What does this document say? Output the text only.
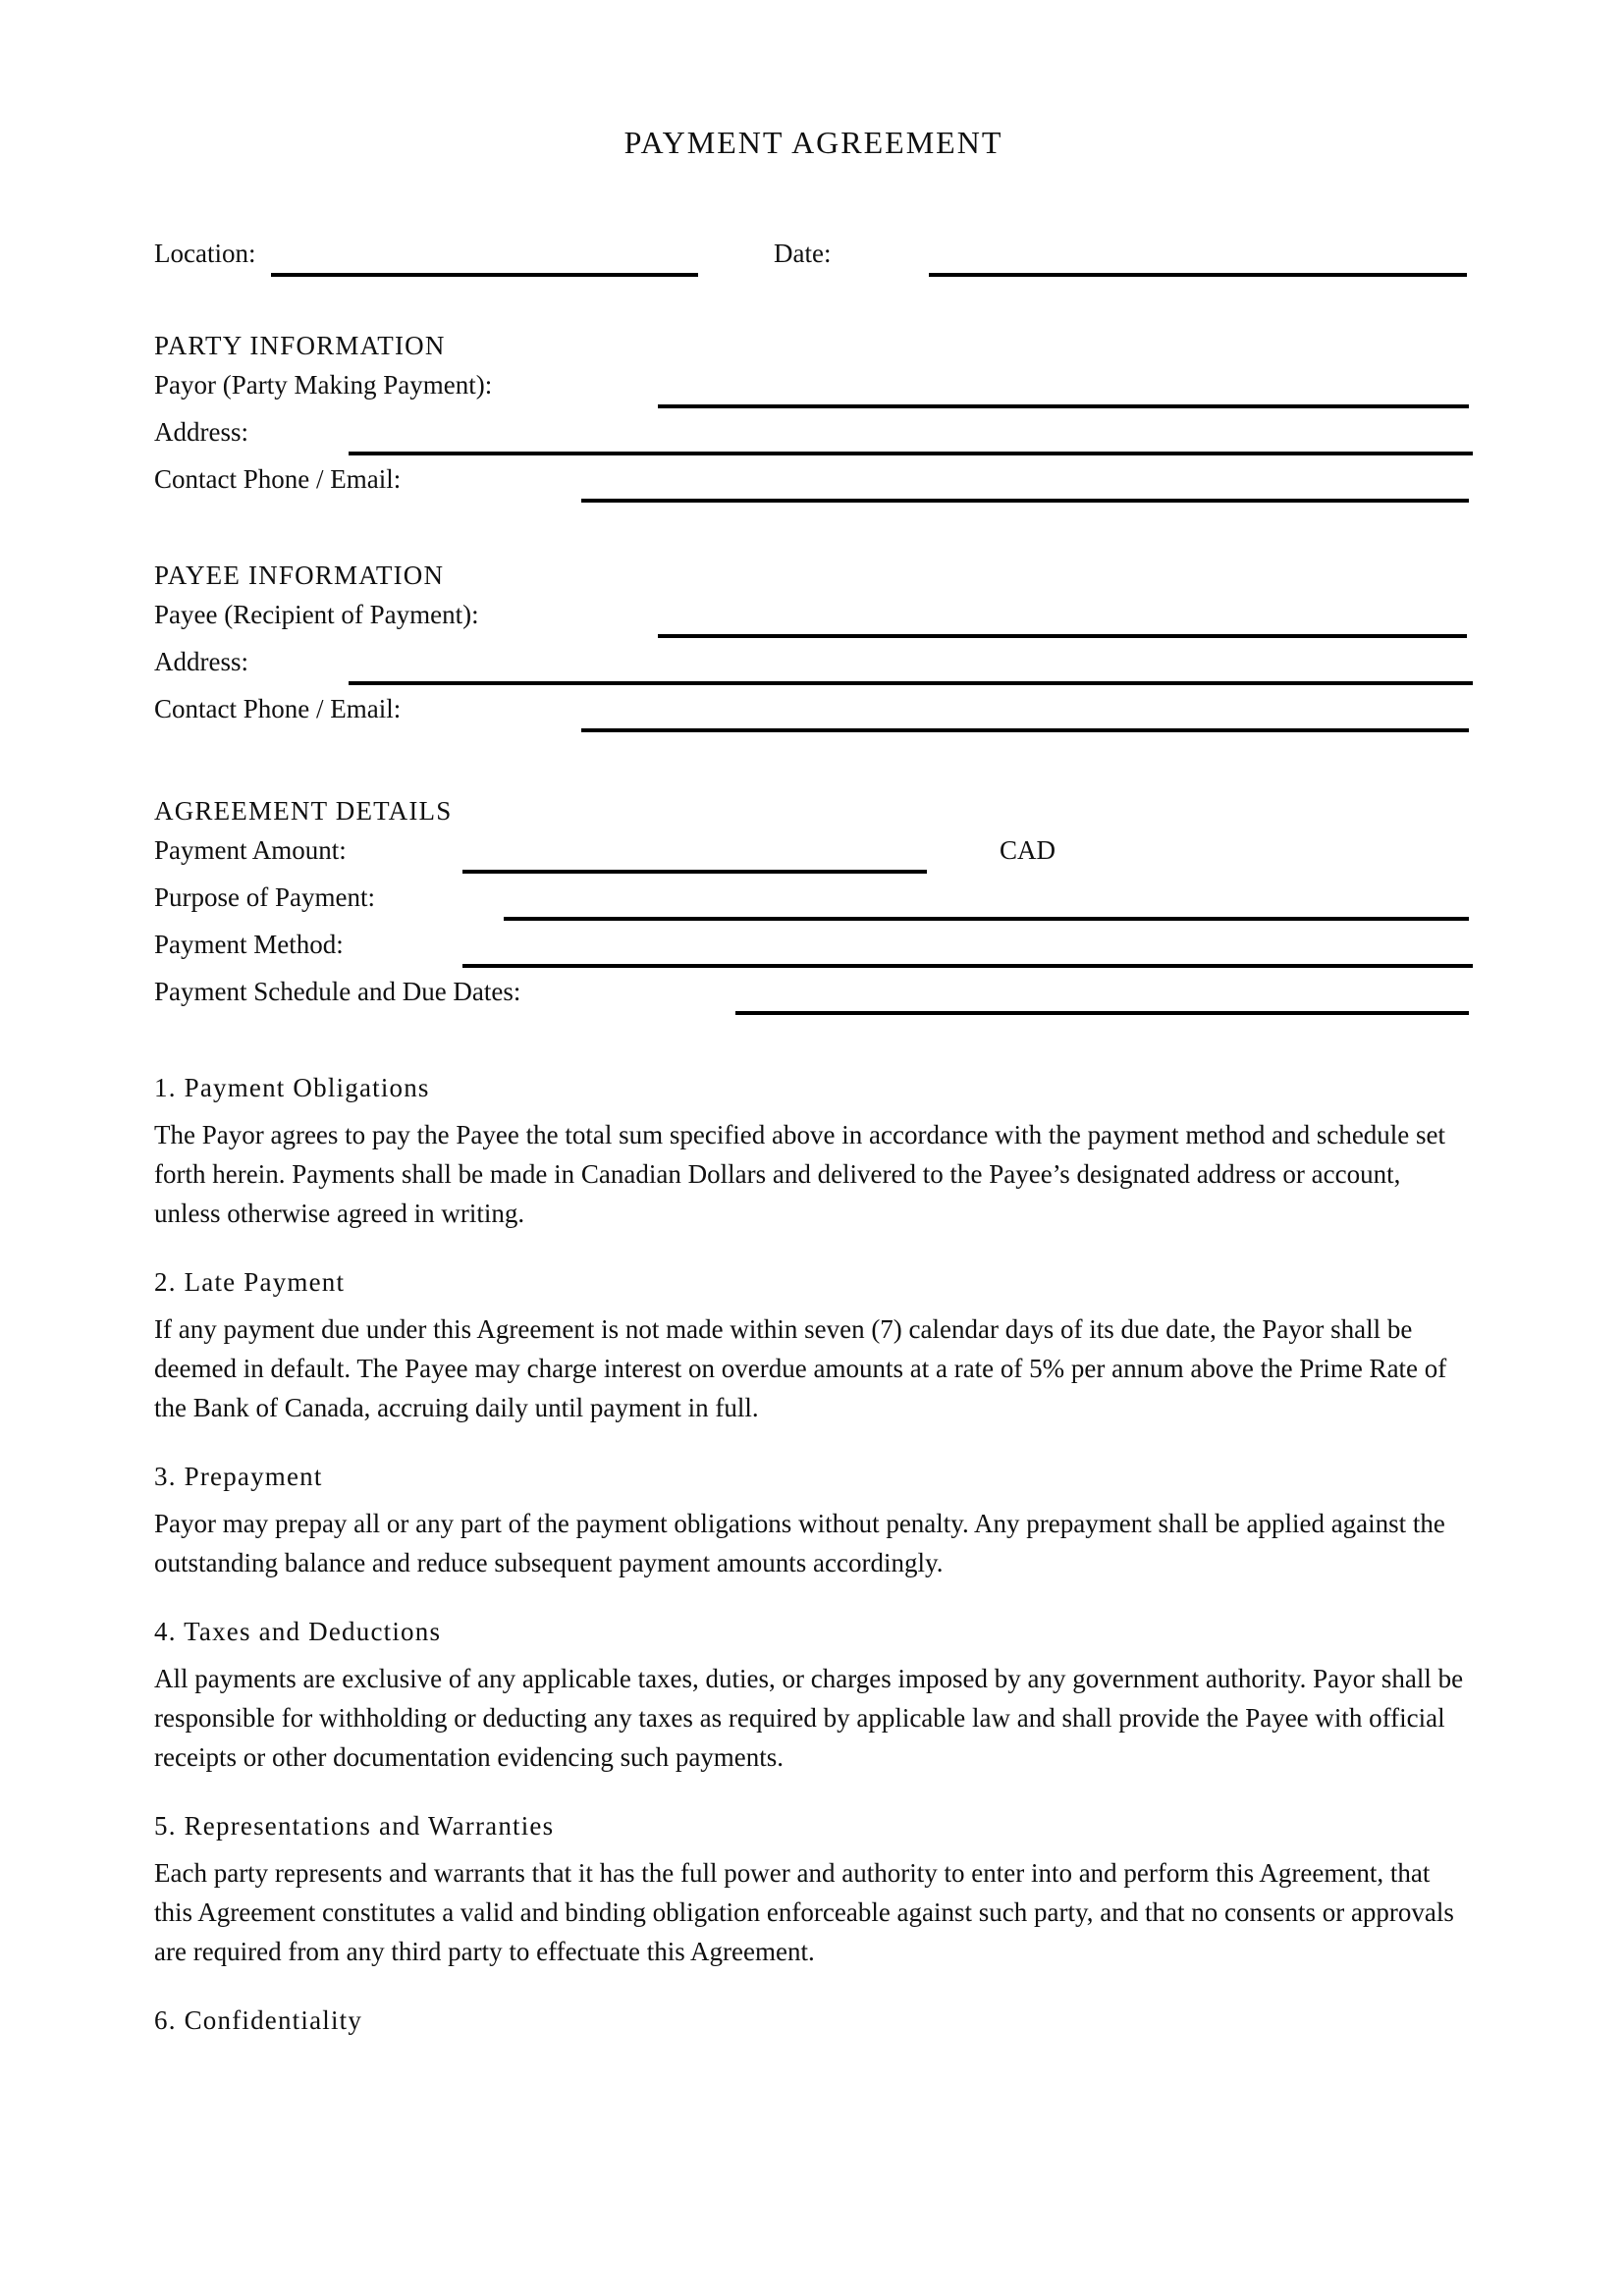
PAYMENT AGREEMENT
Location:	Date:
PARTY INFORMATION
Payor (Party Making Payment):
Address:
Contact Phone / Email:
PAYEE INFORMATION
Payee (Recipient of Payment):
Address:
Contact Phone / Email:
AGREEMENT DETAILS
Payment Amount:	CAD
Purpose of Payment:
Payment Method:
Payment Schedule and Due Dates:
1. Payment Obligations

The Payor agrees to pay the Payee the total sum specified above in accordance with the payment method and schedule set forth herein. Payments shall be made in Canadian Dollars and delivered to the Payee’s designated address or account, unless otherwise agreed in writing.

2. Late Payment

If any payment due under this Agreement is not made within seven (7) calendar days of its due date, the Payor shall be deemed in default. The Payee may charge interest on overdue amounts at a rate of 5% per annum above the Prime Rate of the Bank of Canada, accruing daily until payment in full.

3. Prepayment

Payor may prepay all or any part of the payment obligations without penalty. Any prepayment shall be applied against the outstanding balance and reduce subsequent payment amounts accordingly.

4. Taxes and Deductions

All payments are exclusive of any applicable taxes, duties, or charges imposed by any government authority. Payor shall be responsible for withholding or deducting any taxes as required by applicable law and shall provide the Payee with official receipts or other documentation evidencing such payments.

5. Representations and Warranties

Each party represents and warrants that it has the full power and authority to enter into and perform this Agreement, that this Agreement constitutes a valid and binding obligation enforceable against such party, and that no consents or approvals are required from any third party to effectuate this Agreement.

6. Confidentiality
